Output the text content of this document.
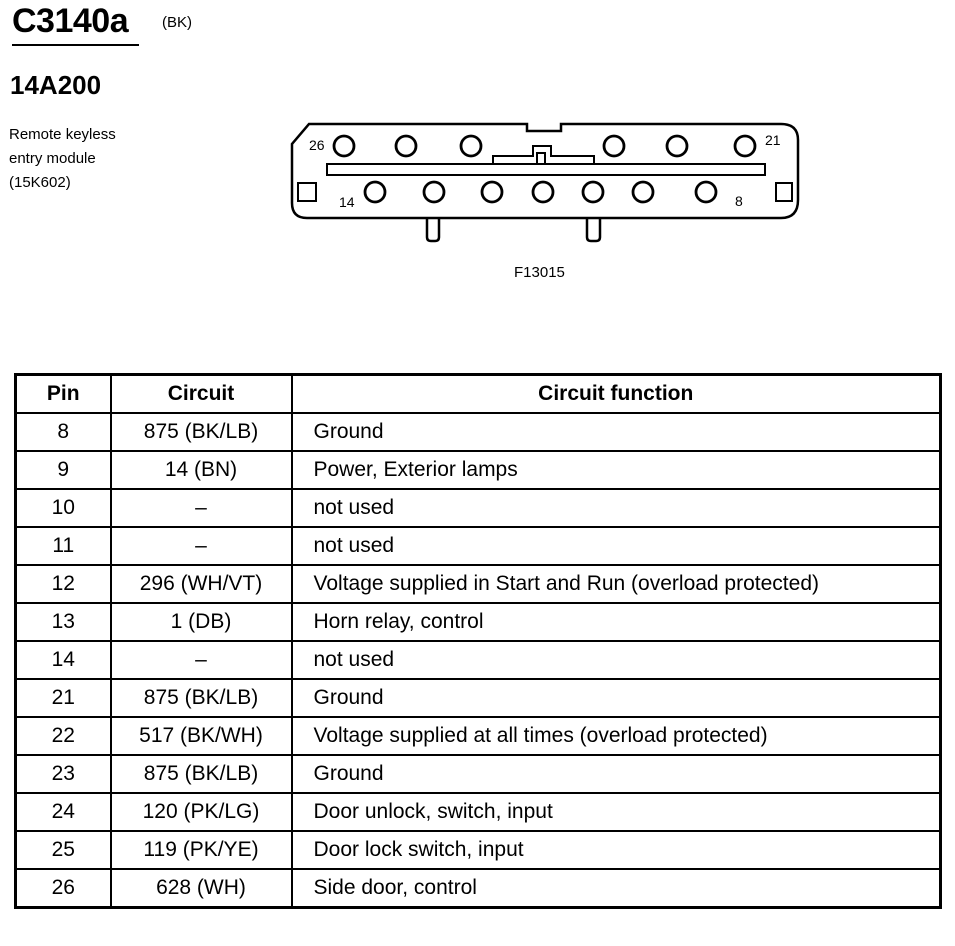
C3140a (BK)
14A200
Remote keyless
entry module
(15K602)
26	21
14	8
F13015
Pin	Circuit	Circuit function
8	875 (BK/LB)	Ground
9	14 (BN)	Power, Exterior lamps
10	–	not used
11	–	not used
12	296 (WH/VT)	Voltage supplied in Start and Run (overload protected)
13	1 (DB)	Horn relay, control
14	–	not used
21	875 (BK/LB)	Ground
22	517 (BK/WH)	Voltage supplied at all times (overload protected)
23	875 (BK/LB)	Ground
24	120 (PK/LG)	Door unlock, switch, input
25	119 (PK/YE)	Door lock switch, input
26	628 (WH)	Side door, control
